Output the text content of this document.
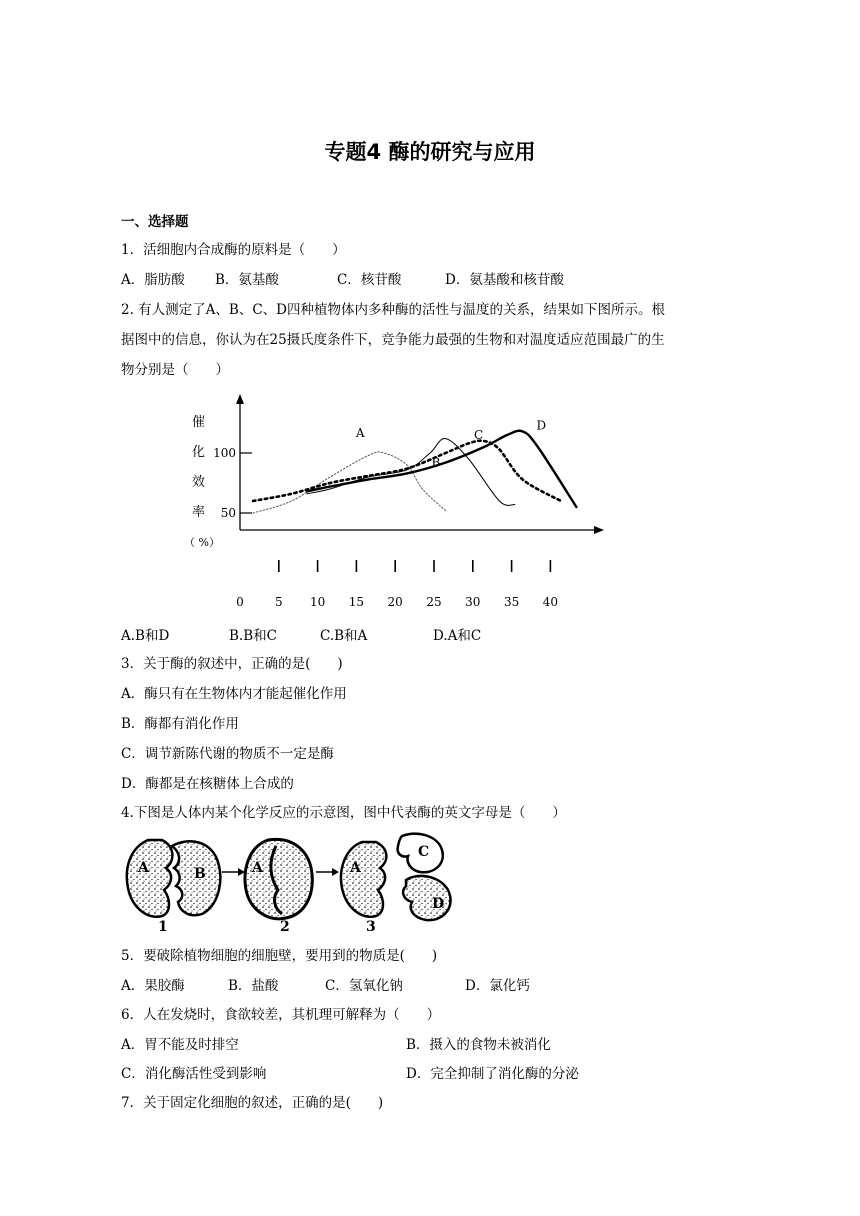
专题4 酶的研究与应用
一、选择题
1．活细胞内合成酶的原料是（　　）
A．脂肪酸 B．氨基酸	C．核苷酸	D．氨基酸和核苷酸
2. 有人测定了A、B、C、D四种植物体内多种酶的活性与温度的关系，结果如下图所示。根
据图中的信息，你认为在25摄氏度条件下，竞争能力最强的生物和对温度适应范围最广的生
物分别是（　　）
催
化
效
率
（ %）
50
100
0	5 10 15 20 25 30 35 40
A
B
C
D
A.B和D	B.B和C	C.B和A	D.A和C
3．关于酶的叙述中，正确的是(　　)
A．酶只有在生物体内才能起催化作用
B．酶都有消化作用
C．调节新陈代谢的物质不一定是酶
D．酶都是在核糖体上合成的
4.下图是人体内某个化学反应的示意图，图中代表酶的英文字母是（　　）
A	B
1
A
2
A
C
D
3
5．要破除植物细胞的细胞壁，要用到的物质是(　　)
A．果胶酶	B．盐酸	C．氢氧化钠	D．氯化钙
6．人在发烧时，食欲较差，其机理可解释为（　　）
A．胃不能及时排空	B．摄入的食物未被消化
C．消化酶活性受到影响	D．完全抑制了消化酶的分泌
7．关于固定化细胞的叙述，正确的是(　　)
